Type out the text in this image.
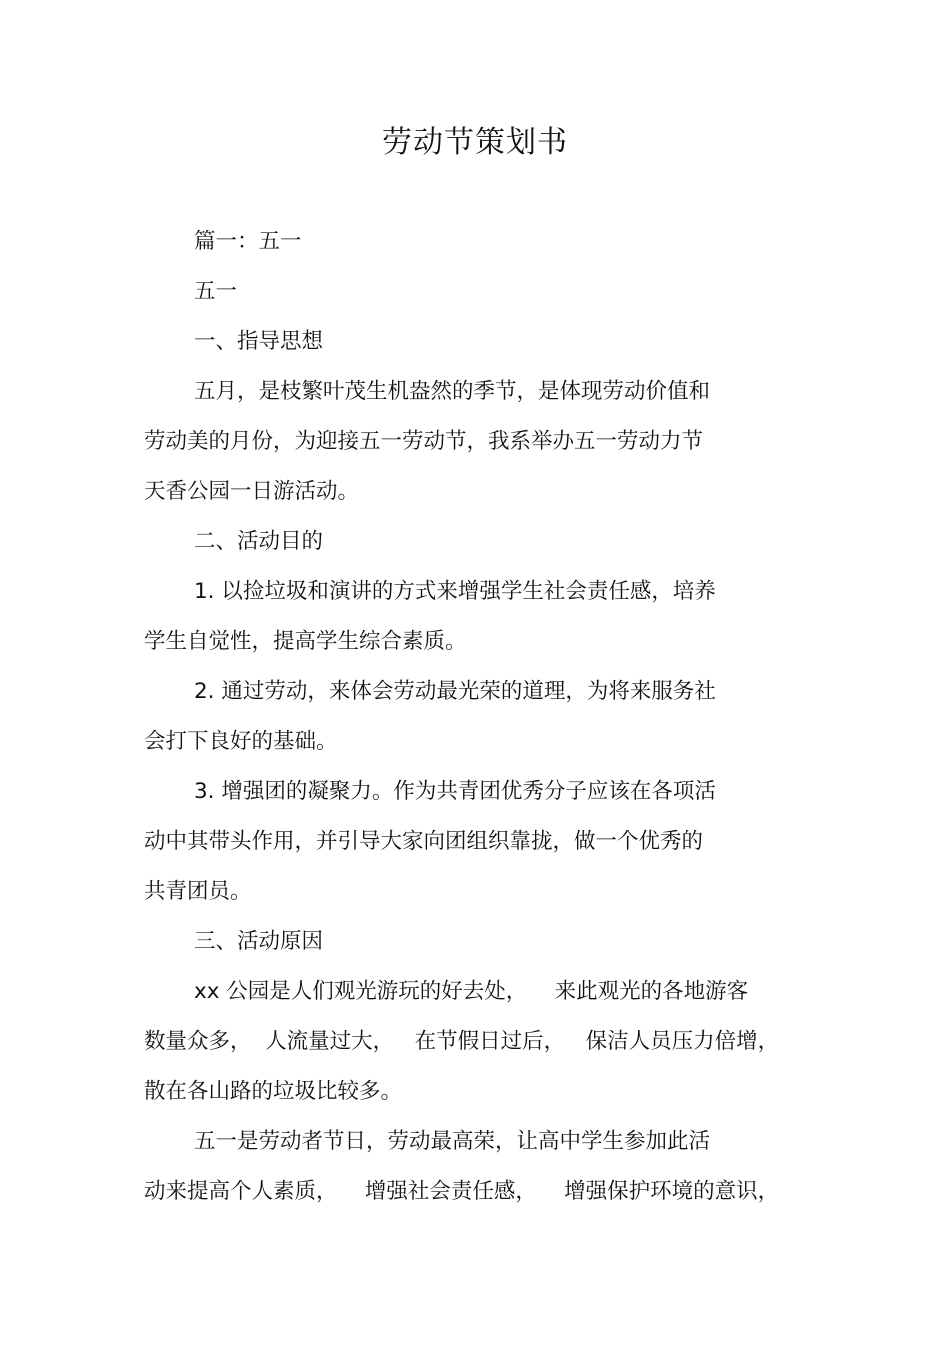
劳动节策划书
篇一：五一
五一
一、指导思想
五月，是枝繁叶茂生机盎然的季节，是体现劳动价值和
劳动美的月份，为迎接五一劳动节，我系举办五一劳动力节
天香公园一日游活动。
二、活动目的
1. 以捡垃圾和演讲的方式来增强学生社会责任感，培养
学生自觉性，提高学生综合素质。
2. 通过劳动，来体会劳动最光荣的道理，为将来服务社
会打下良好的基础。
3. 增强团的凝聚力。作为共青团优秀分子应该在各项活
动中其带头作用，并引导大家向团组织靠拢，做一个优秀的
共青团员。
三、活动原因
xx 公园是人们观光游玩的好去处，    来此观光的各地游客
数量众多，  人流量过大，   在节假日过后，   保洁人员压力倍增，
散在各山路的垃圾比较多。
五一是劳动者节日，劳动最高荣，让高中学生参加此活
动来提高个人素质，    增强社会责任感，    增强保护环境的意识，
